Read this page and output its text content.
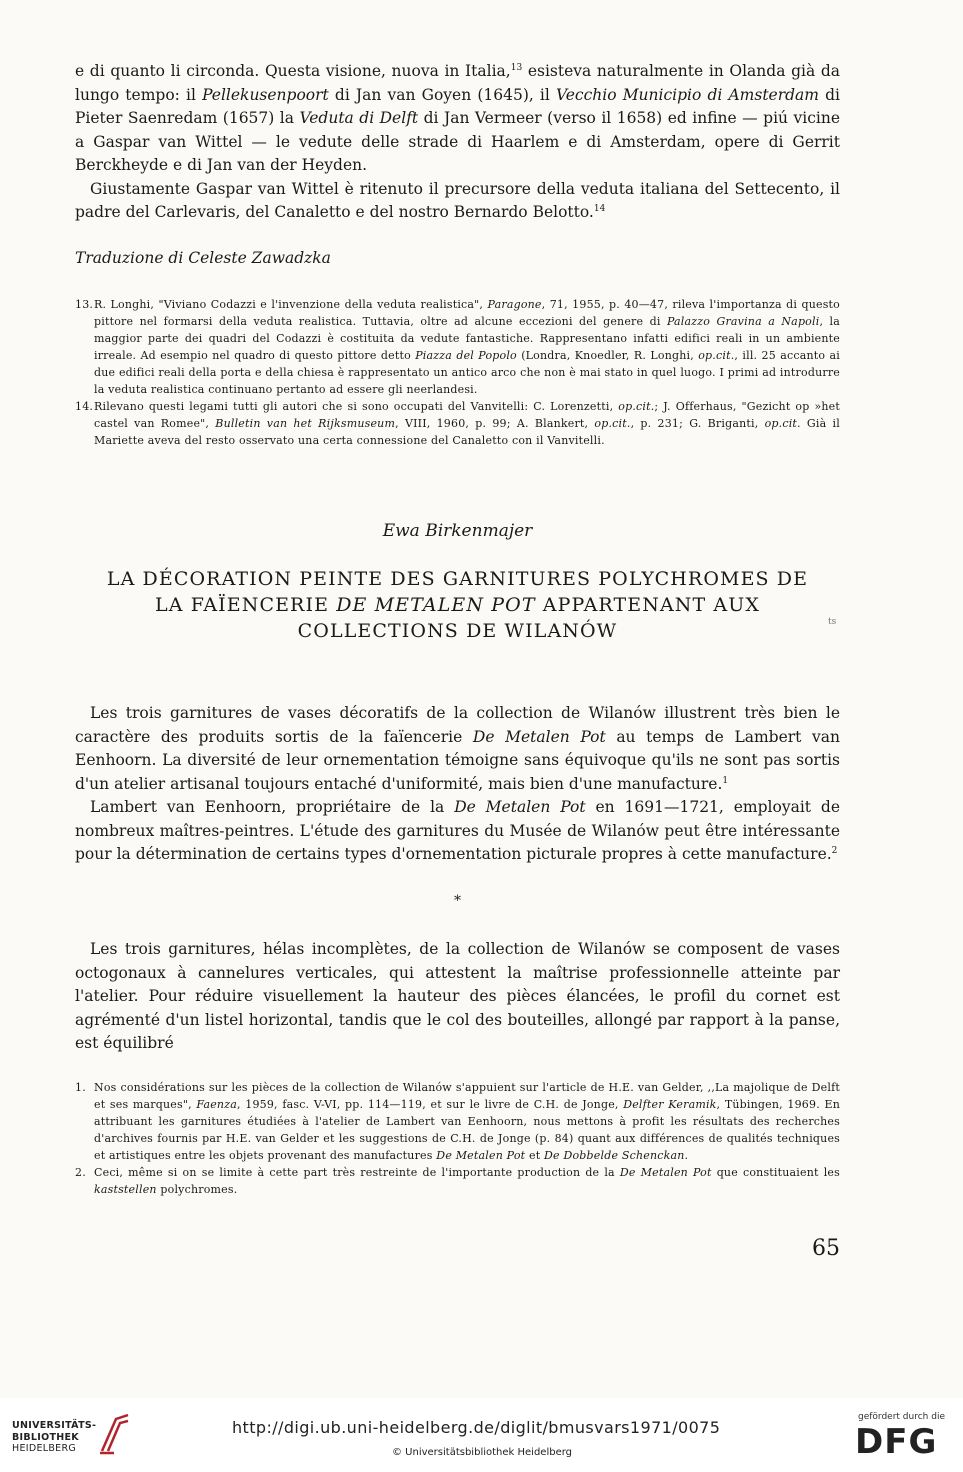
e di quanto li circonda. Questa visione, nuova in Italia,$^{13}$ esisteva naturalmente in Olanda già da lungo tempo: il Pellekusenpoort di Jan van Goyen (1645), il Vecchio Municipio di Amsterdam di Pieter Saenredam (1657) la Veduta di Delft di Jan Vermeer (verso il 1658) ed infine — piú vicine a Gaspar van Wittel — le vedute delle strade di Haarlem e di Amsterdam, opere di Gerrit Berckheyde e di Jan van der Heyden.

Giustamente Gaspar van Wittel è ritenuto il precursore della veduta italiana del Settecento, il padre del Carlevaris, del Canaletto e del nostro Bernardo Belotto.$^{14}$

Traduzione di Celeste Zawadzka

13. R. Longhi, "Viviano Codazzi e l'invenzione della veduta realistica", Paragone, 71, 1955, p. 40—47, rileva l'importanza di questo pittore nel formarsi della veduta realistica. Tuttavia, oltre ad alcune eccezioni del genere di Palazzo Gravina a Napoli, la maggior parte dei quadri del Codazzi è costituita da vedute fantastiche. Rappresentano infatti edifici reali in un ambiente irreale. Ad esempio nel quadro di questo pittore detto Piazza del Popolo (Londra, Knoedler, R. Longhi, op.cit., ill. 25 accanto ai due edifici reali della porta e della chiesa è rappresentato un antico arco che non è mai stato in quel luogo. I primi ad introdurre la veduta realistica continuano pertanto ad essere gli neerlandesi.
14. Rilevano questi legami tutti gli autori che si sono occupati del Vanvitelli: C. Lorenzetti, op.cit.; J. Offerhaus, "Gezicht op »het castel van Romee", Bulletin van het Rijksmuseum, VIII, 1960, p. 99; A. Blankert, op.cit., p. 231; G. Briganti, op.cit. Già il Mariette aveva del resto osservato una certa connessione del Canaletto con il Vanvitelli.
Ewa Birkenmajer
LA DÉCORATION PEINTE DES GARNITURES POLYCHROMES DE
LA FAÏENCERIE DE METALEN POT APPARTENANT AUX
COLLECTIONS DE WILANÓW	ts

Les trois garnitures de vases décoratifs de la collection de Wilanów illustrent très bien le caractère des produits sortis de la faïencerie De Metalen Pot au temps de Lambert van Eenhoorn. La diversité de leur ornementation témoigne sans équivoque qu'ils ne sont pas sortis d'un atelier artisanal toujours entaché d'uniformité, mais bien d'une manufacture.$^1$

Lambert van Eenhoorn, propriétaire de la De Metalen Pot en 1691—1721, employait de nombreux maîtres-peintres. L'étude des garnitures du Musée de Wilanów peut être intéressante pour la détermination de certains types d'ornementation picturale propres à cette manufacture.$^2$

*

Les trois garnitures, hélas incomplètes, de la collection de Wilanów se composent de vases octogonaux à cannelures verticales, qui attestent la maîtrise professionnelle atteinte par l'atelier. Pour réduire visuellement la hauteur des pièces élancées, le profil du cornet est agrémenté d'un listel horizontal, tandis que le col des bouteilles, allongé par rapport à la panse, est équilibré

1. Nos considérations sur les pièces de la collection de Wilanów s'appuient sur l'article de H.E. van Gelder, ,,La majolique de Delft et ses marques", Faenza, 1959, fasc. V-VI, pp. 114—119, et sur le livre de C.H. de Jonge, Delfter Keramik, Tübingen, 1969. En attribuant les garnitures étudiées à l'atelier de Lambert van Eenhoorn, nous mettons à profit les résultats des recherches d'archives fournis par H.E. van Gelder et les suggestions de C.H. de Jonge (p. 84) quant aux différences de qualités techniques et artistiques entre les objets provenant des manufactures De Metalen Pot et De Dobbelde Schenckan.
2. Ceci, même si on se limite à cette part très restreinte de l'importante production de la De Metalen Pot que constituaient les kaststellen polychromes.
65
UNIVERSITÄTS-
BIBLIOTHEK
HEIDELBERG
http://digi.ub.uni-heidelberg.de/diglit/bmusvars1971/0075
© Universitätsbibliothek Heidelberg
gefördert durch die
DFG
